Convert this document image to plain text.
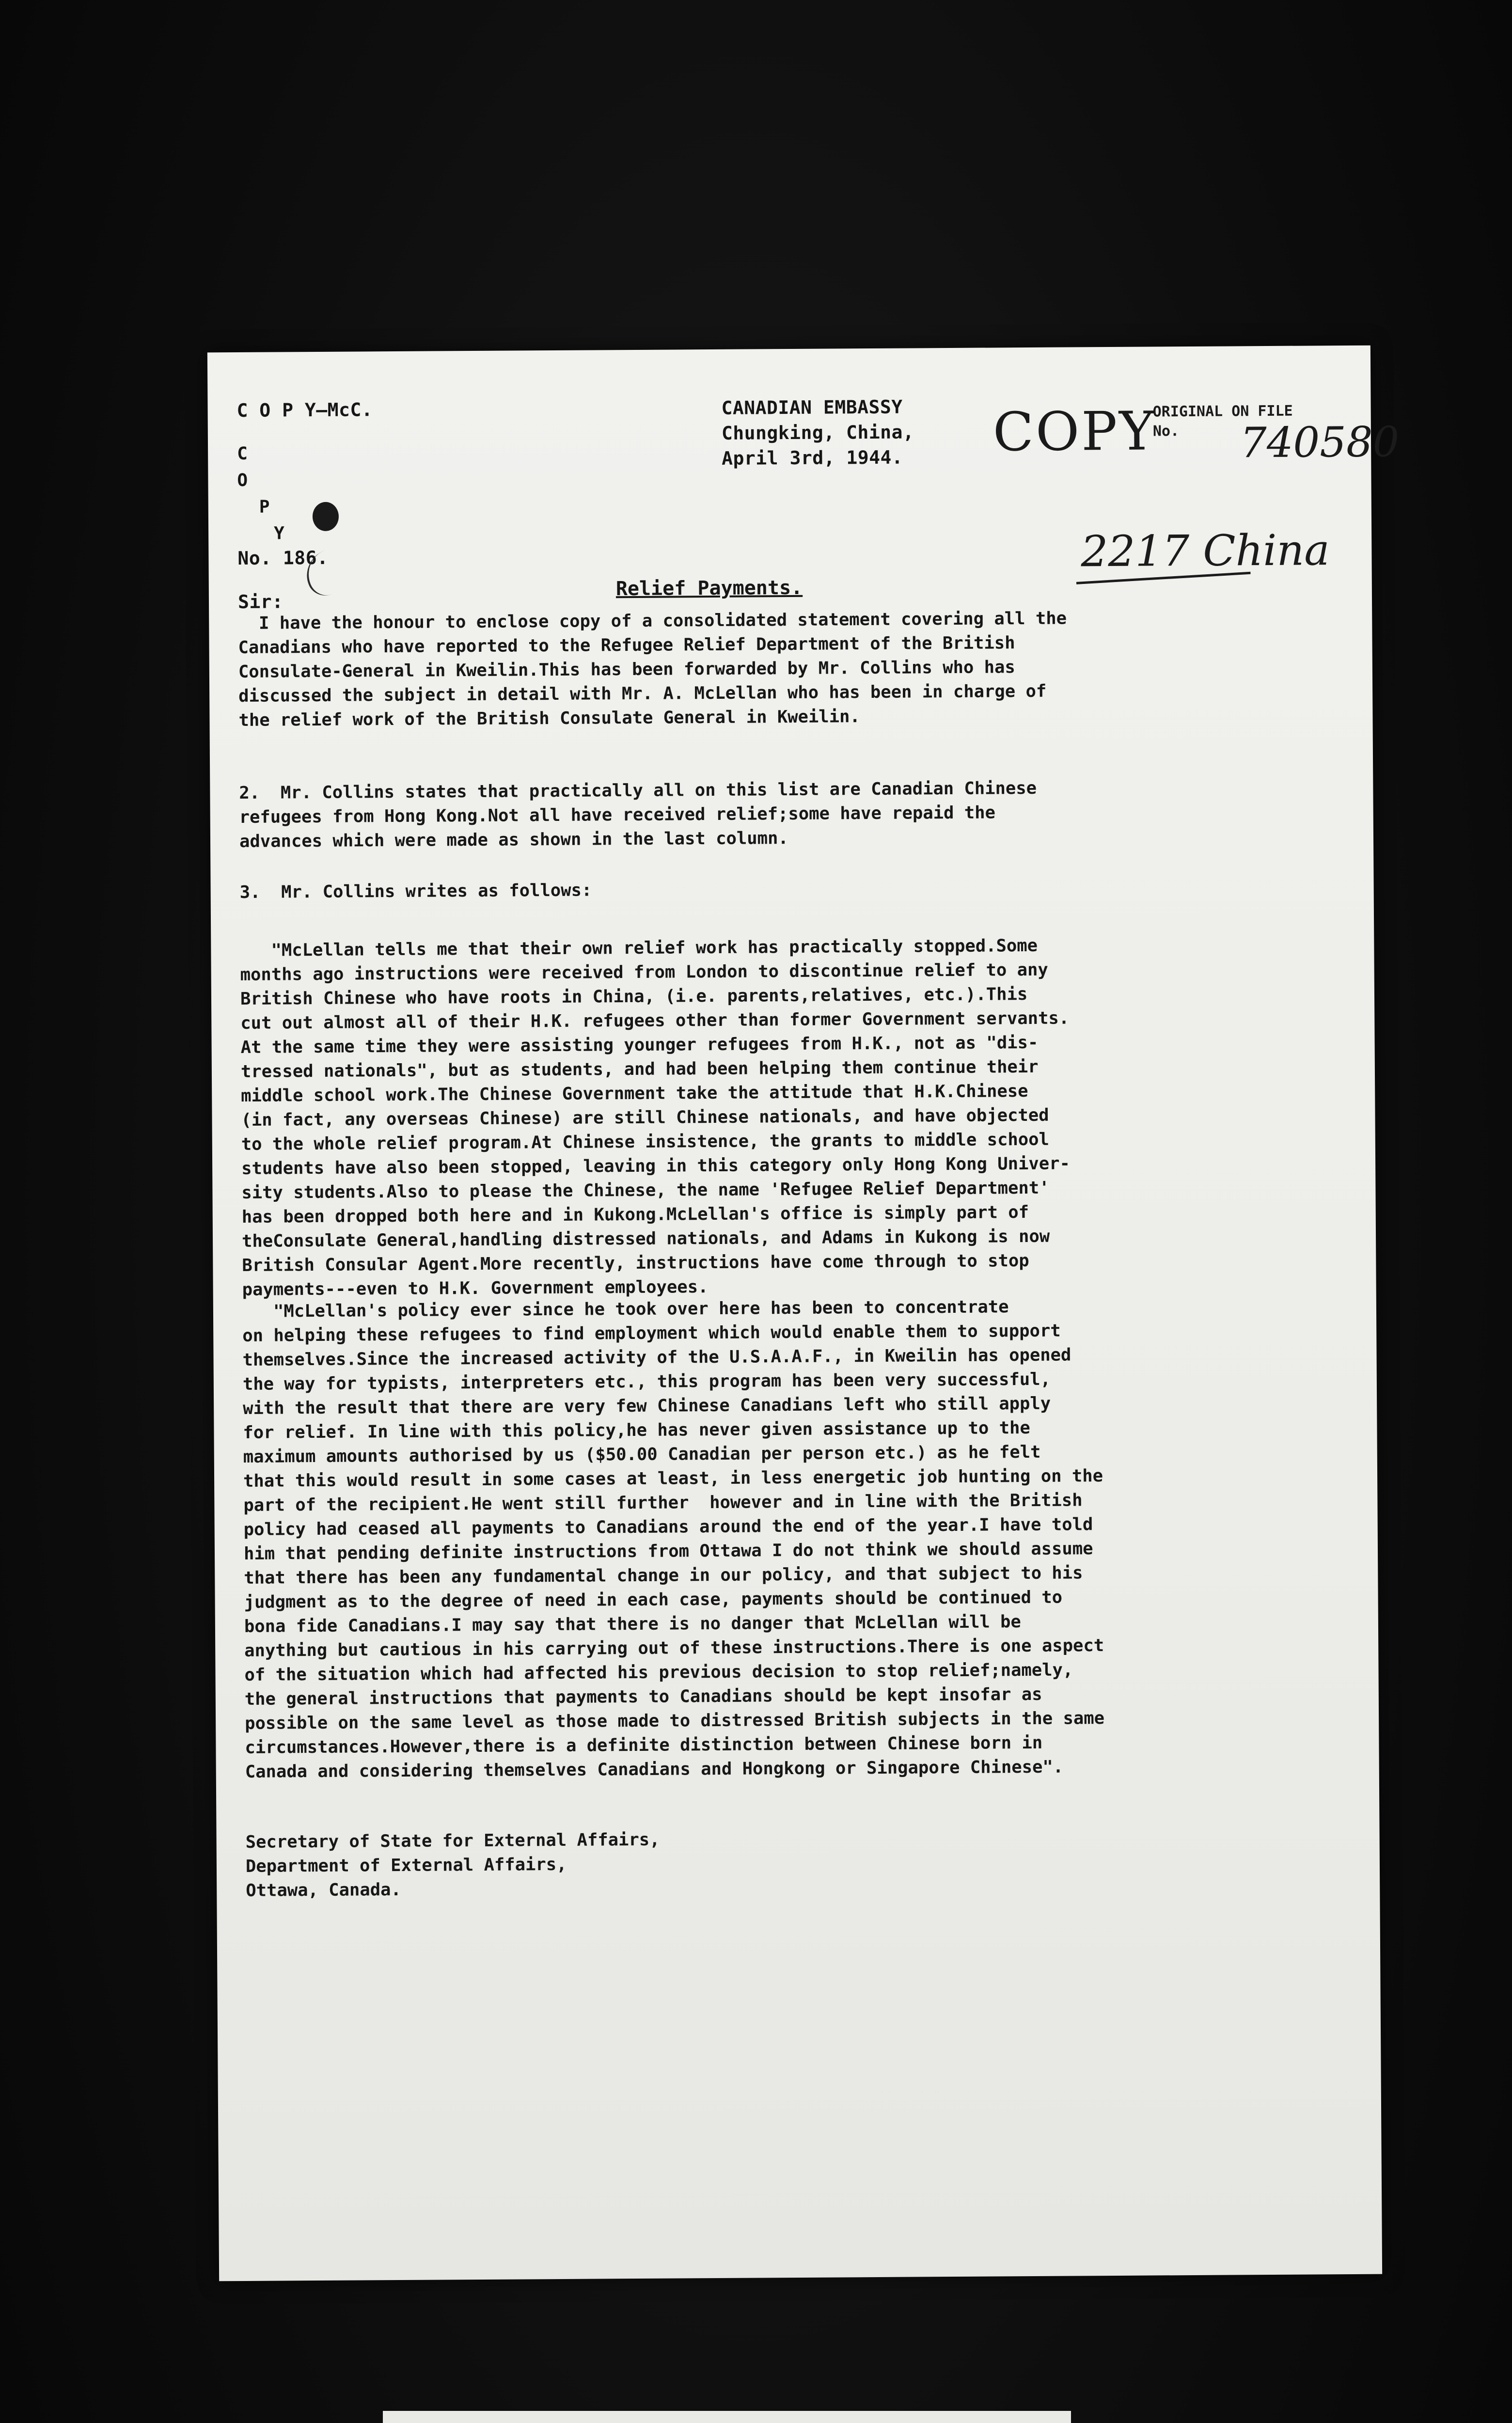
C O P Y—McC.

C

O

P

Y

No. 186.
Sir:
CANADIAN EMBASSY
Chungking, China,
April 3rd, 1944. COPY
ORIGINAL ON FILE
No.	740580
2217 China
Relief Payments.
I have the honour to enclose copy of a consolidated statement covering all the
Canadians who have reported to the Refugee Relief Department of the British
Consulate-General in Kweilin.This has been forwarded by Mr. Collins who has
discussed the subject in detail with Mr. A. McLellan who has been in charge of
the relief work of the British Consulate General in Kweilin.
2.  Mr. Collins states that practically all on this list are Canadian Chinese
refugees from Hong Kong.Not all have received relief;some have repaid the
advances which were made as shown in the last column.
3.  Mr. Collins writes as follows:
"McLellan tells me that their own relief work has practically stopped.Some
months ago instructions were received from London to discontinue relief to any
British Chinese who have roots in China, (i.e. parents,relatives, etc.).This
cut out almost all of their H.K. refugees other than former Government servants.
At the same time they were assisting younger refugees from H.K., not as "dis-
tressed nationals", but as students, and had been helping them continue their
middle school work.The Chinese Government take the attitude that H.K.Chinese
(in fact, any overseas Chinese) are still Chinese nationals, and have objected
to the whole relief program.At Chinese insistence, the grants to middle school
students have also been stopped, leaving in this category only Hong Kong Univer-
sity students.Also to please the Chinese, the name 'Refugee Relief Department'
has been dropped both here and in Kukong.McLellan's office is simply part of
theConsulate General,handling distressed nationals, and Adams in Kukong is now
British Consular Agent.More recently, instructions have come through to stop
payments---even to H.K. Government employees.
"McLellan's policy ever since he took over here has been to concentrate
on helping these refugees to find employment which would enable them to support
themselves.Since the increased activity of the U.S.A.A.F., in Kweilin has opened
the way for typists, interpreters etc., this program has been very successful,
with the result that there are very few Chinese Canadians left who still apply
for relief. In line with this policy,he has never given assistance up to the
maximum amounts authorised by us ($50.00 Canadian per person etc.) as he felt
that this would result in some cases at least, in less energetic job hunting on the
part of the recipient.He went still further  however and in line with the British
policy had ceased all payments to Canadians around the end of the year.I have told
him that pending definite instructions from Ottawa I do not think we should assume
that there has been any fundamental change in our policy, and that subject to his
judgment as to the degree of need in each case, payments should be continued to
bona fide Canadians.I may say that there is no danger that McLellan will be
anything but cautious in his carrying out of these instructions.There is one aspect
of the situation which had affected his previous decision to stop relief;namely,
the general instructions that payments to Canadians should be kept insofar as
possible on the same level as those made to distressed British subjects in the same
circumstances.However,there is a definite distinction between Chinese born in
Canada and considering themselves Canadians and Hongkong or Singapore Chinese".
Secretary of State for External Affairs,
Department of External Affairs,
Ottawa, Canada.
